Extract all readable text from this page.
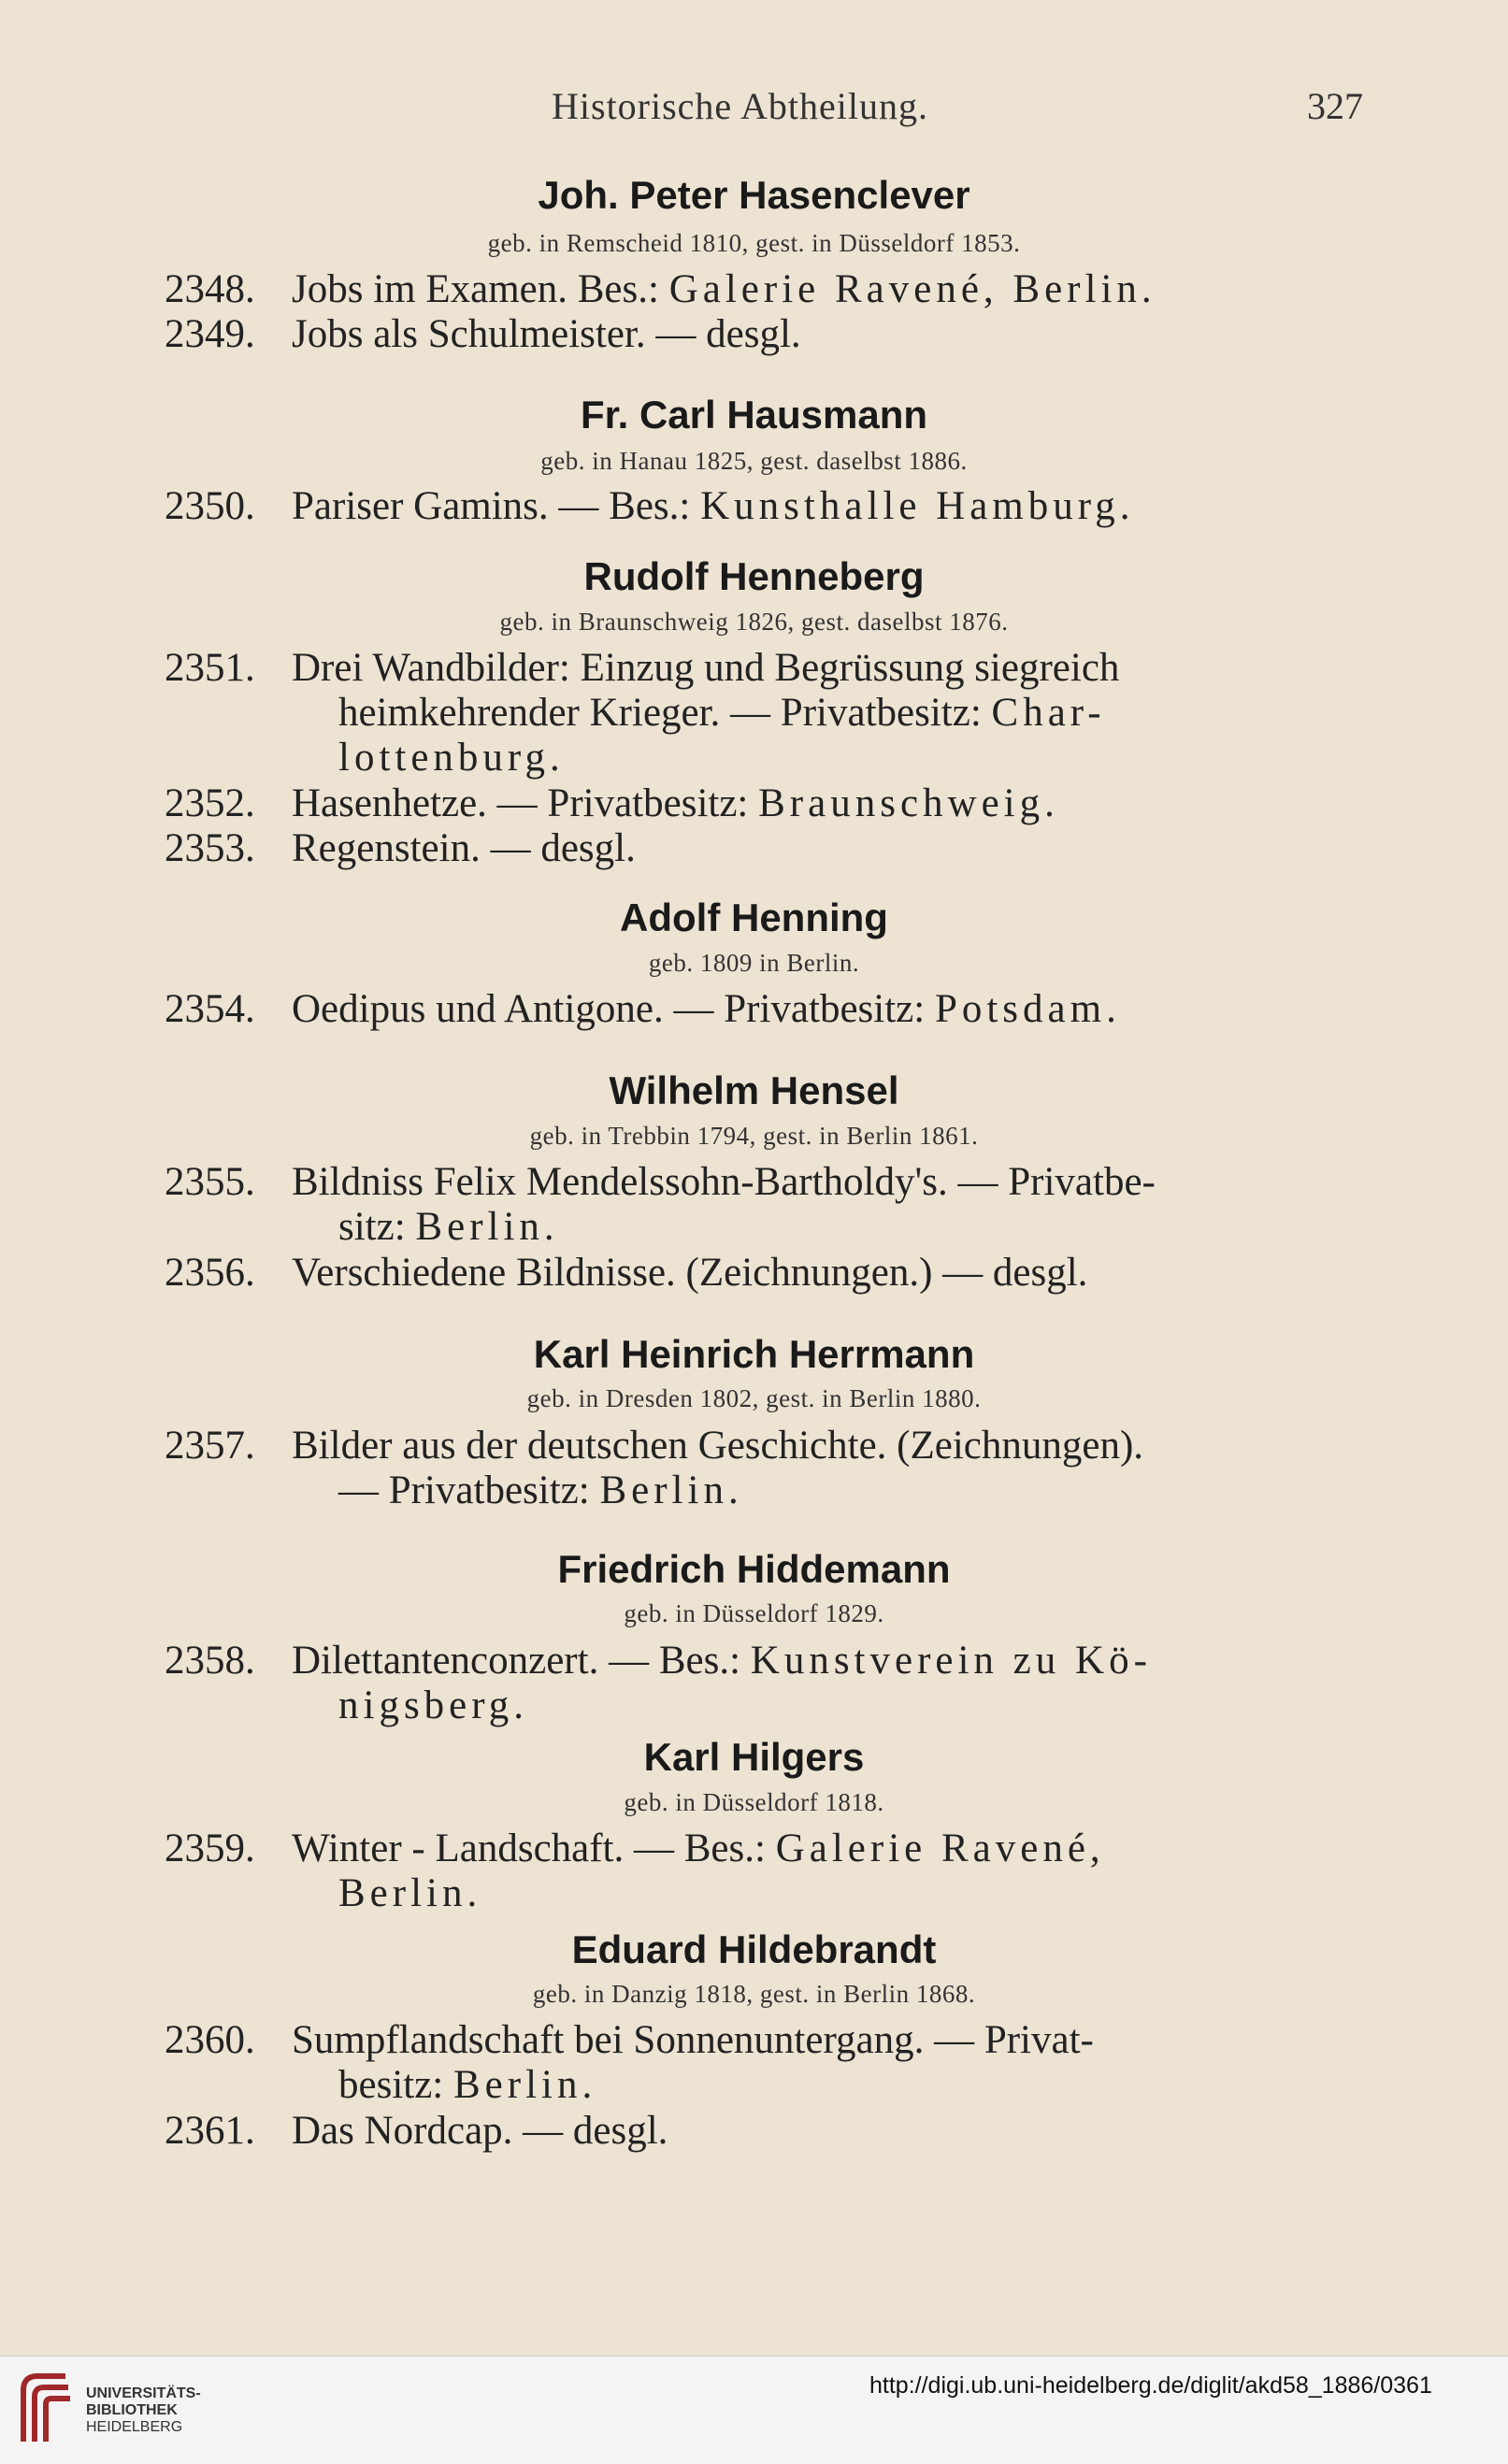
Historische Abtheilung.	327
Joh. Peter Hasenclever
geb. in Remscheid 1810, gest. in Düsseldorf 1853.
2348. Jobs im Examen. Bes.: Galerie Ravené, Berlin.
2349. Jobs als Schulmeister. — desgl.
Fr. Carl Hausmann
geb. in Hanau 1825, gest. daselbst 1886.
2350. Pariser Gamins. — Bes.: Kunsthalle Hamburg.
Rudolf Henneberg
geb. in Braunschweig 1826, gest. daselbst 1876.
2351. Drei Wandbilder: Einzug und Begrüssung siegreich
heimkehrender Krieger. — Privatbesitz: Char-
lottenburg.
2352. Hasenhetze. — Privatbesitz: Braunschweig.
2353. Regenstein. — desgl.
Adolf Henning
geb. 1809 in Berlin.
2354. Oedipus und Antigone. — Privatbesitz: Potsdam.
Wilhelm Hensel
geb. in Trebbin 1794, gest. in Berlin 1861.
2355. Bildniss Felix Mendelssohn-Bartholdy's. — Privatbe-
sitz: Berlin.
2356. Verschiedene Bildnisse. (Zeichnungen.) — desgl.
Karl Heinrich Herrmann
geb. in Dresden 1802, gest. in Berlin 1880.
2357. Bilder aus der deutschen Geschichte. (Zeichnungen).
— Privatbesitz: Berlin.
Friedrich Hiddemann
geb. in Düsseldorf 1829.
2358. Dilettantenconzert. — Bes.: Kunstverein zu Kö-
nigsberg.
Karl Hilgers
geb. in Düsseldorf 1818.
2359. Winter - Landschaft. — Bes.: Galerie Ravené,
Berlin.
Eduard Hildebrandt
geb. in Danzig 1818, gest. in Berlin 1868.
2360. Sumpflandschaft bei Sonnenuntergang. — Privat-
besitz: Berlin.
2361. Das Nordcap. — desgl.
UNIVERSITÄTS-
BIBLIOTHEK
HEIDELBERG
http://digi.ub.uni-heidelberg.de/diglit/akd58_1886/0361
